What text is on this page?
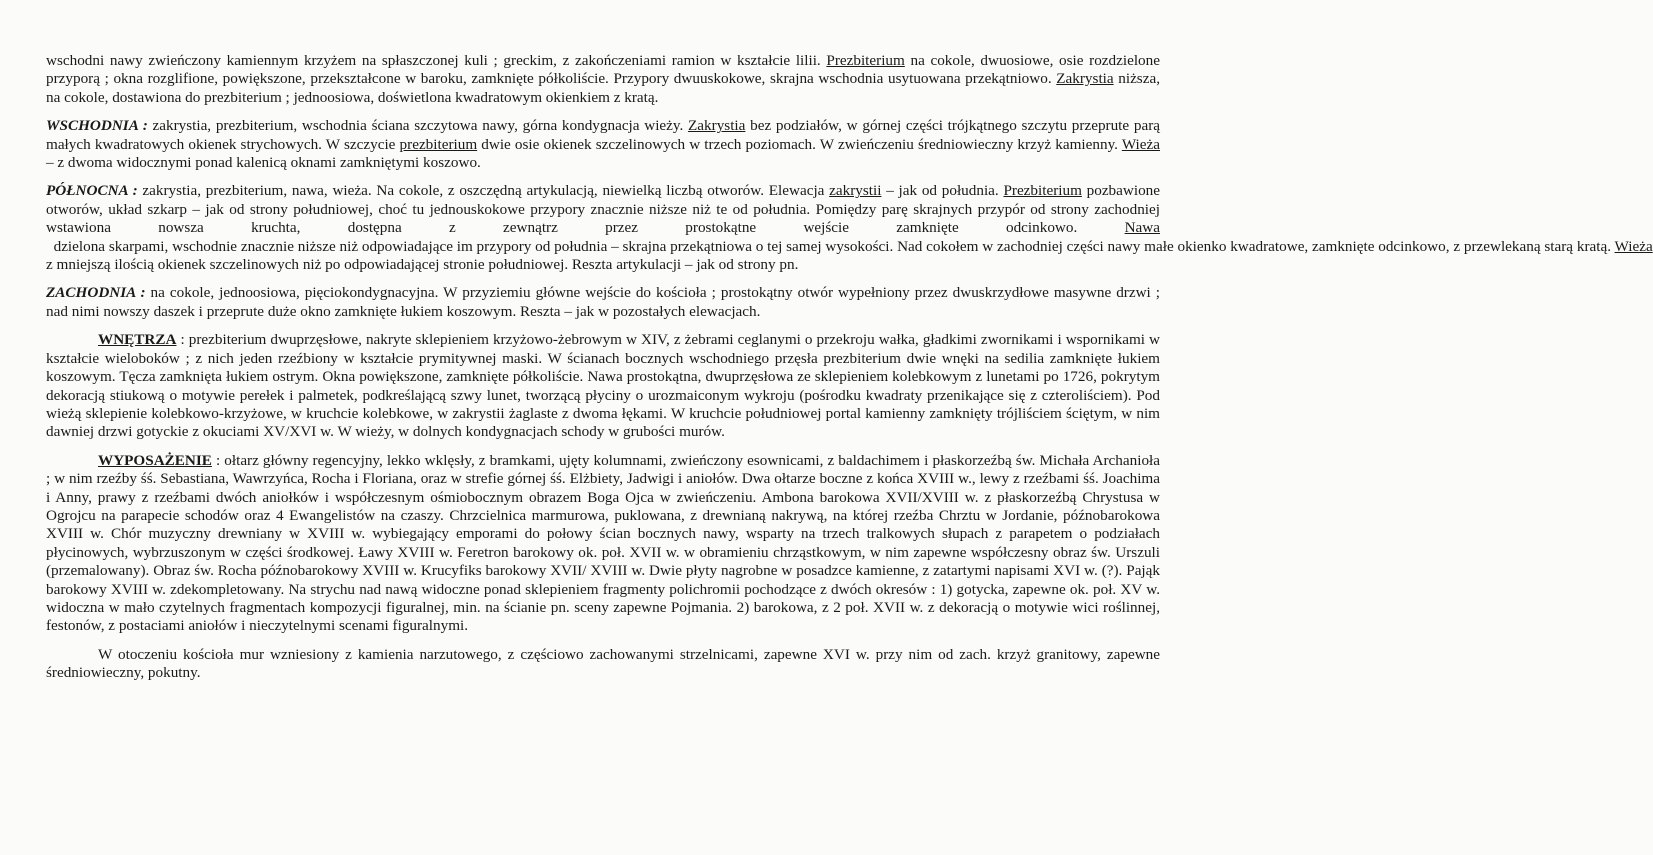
wschodni nawy zwieńczony kamiennym krzyżem na spłaszczonej kuli ; greckim, z zakończeniami ramion w kształcie lilii. Prezbiterium na cokole, dwuosiowe, osie rozdzielone przyporą ; okna rozglifione, powiększone, przekształcone w baroku, zamknięte półkoliście. Przypory dwuuskokowe, skrajna wschodnia usytuowana przekątniowo. Zakrystia niższa, na cokole, dostawiona do prezbiterium ; jednoosiowa, doświetlona kwadratowym okienkiem z kratą.

WSCHODNIA : zakrystia, prezbiterium, wschodnia ściana szczytowa nawy, górna kondygnacja wieży. Zakrystia bez podziałów, w górnej części trójkątnego szczytu przeprute parą małych kwadratowych okienek strychowych. W szczycie prezbiterium dwie osie okienek szczelinowych w trzech poziomach. W zwieńczeniu średniowieczny krzyż kamienny. Wieża – z dwoma widocznymi ponad kalenicą oknami zamkniętymi koszowo.

PÓŁNOCNA : zakrystia, prezbiterium, nawa, wieża. Na cokole, z oszczędną artykulacją, niewielką liczbą otworów. Elewacja zakrystii – jak od południa. Prezbiterium pozbawione otworów, układ szkarp – jak od strony południowej, choć tu jednouskokowe przypory znacznie niższe niż te od południa. Pomiędzy parę skrajnych przypór od strony zachodniej wstawiona nowsza kruchta, dostępna z zewnątrz przez prostokątne wejście zamknięte odcinkowo. Nawa  dzielona skarpami, wschodnie znacznie niższe niż odpowiadające im przypory od południa – skrajna przekątniowa o tej samej wysokości. Nad cokołem w zachodniej części nawy małe okienko kwadratowe, zamknięte odcinkowo, z przewlekaną starą kratą. Wieża z mniejszą ilością okienek szczelinowych niż po odpowiadającej stronie południowej. Reszta artykulacji – jak od strony pn.

ZACHODNIA : na cokole, jednoosiowa, pięciokondygnacyjna. W przyziemiu główne wejście do kościoła ; prostokątny otwór wypełniony przez dwuskrzydłowe masywne drzwi ; nad nimi nowszy daszek i przeprute duże okno zamknięte łukiem koszowym. Reszta – jak w pozostałych elewacjach.

WNĘTRZA : prezbiterium dwuprzęsłowe, nakryte sklepieniem krzyżowo-żebrowym w XIV, z żebrami ceglanymi o przekroju wałka, gładkimi zwornikami i wspornikami w kształcie wieloboków ; z nich jeden rzeźbiony w kształcie prymitywnej maski. W ścianach bocznych wschodniego przęsła prezbiterium dwie wnęki na sedilia zamknięte łukiem koszowym. Tęcza zamknięta łukiem ostrym. Okna powiększone, zamknięte półkoliście. Nawa prostokątna, dwuprzęsłowa ze sklepieniem kolebkowym z lunetami po 1726, pokrytym dekoracją stiukową o motywie perełek i palmetek, podkreślającą szwy lunet, tworzącą płyciny o urozmaiconym wykroju (pośrodku kwadraty przenikające się z czteroliściem). Pod wieżą sklepienie kolebkowo-krzyżowe, w kruchcie kolebkowe, w zakrystii żaglaste z dwoma łękami. W kruchcie południowej portal kamienny zamknięty trójliściem ściętym, w nim dawniej drzwi gotyckie z okuciami XV/XVI w. W wieży, w dolnych kondygnacjach schody w grubości murów.

WYPOSAŻENIE : ołtarz główny regencyjny, lekko wklęsły, z bramkami, ujęty kolumnami, zwieńczony esownicami, z baldachimem i płaskorzeźbą św. Michała Archanioła ; w nim rzeźby śś. Sebastiana, Wawrzyńca, Rocha i Floriana, oraz w strefie górnej śś. Elżbiety, Jadwigi i aniołów. Dwa ołtarze boczne z końca XVIII w., lewy z rzeźbami śś. Joachima i Anny, prawy z rzeźbami dwóch aniołków i współczesnym ośmiobocznym obrazem Boga Ojca w zwieńczeniu. Ambona barokowa XVII/XVIII w. z płaskorzeźbą Chrystusa w Ogrojcu na parapecie schodów oraz 4 Ewangelistów na czaszy. Chrzcielnica marmurowa, puklowana, z drewnianą nakrywą, na której rzeźba Chrztu w Jordanie, późnobarokowa XVIII w. Chór muzyczny drewniany w XVIII w. wybiegający emporami do połowy ścian bocznych nawy, wsparty na trzech tralkowych słupach z parapetem o podziałach płycinowych, wybrzuszonym w części środkowej. Ławy XVIII w. Feretron barokowy ok. poł. XVII w. w obramieniu chrząstkowym, w nim zapewne współczesny obraz św. Urszuli (przemalowany). Obraz św. Rocha późnobarokowy XVIII w. Krucyfiks barokowy XVII/ XVIII w. Dwie płyty nagrobne w posadzce kamienne, z zatartymi napisami XVI w. (?). Pająk barokowy XVIII w. zdekompletowany. Na strychu nad nawą widoczne ponad sklepieniem fragmenty polichromii pochodzące z dwóch okresów : 1) gotycka, zapewne ok. poł. XV w. widoczna w mało czytelnych fragmentach kompozycji figuralnej, min. na ścianie pn. sceny zapewne Pojmania. 2) barokowa, z 2 poł. XVII w. z dekoracją o motywie wici roślinnej, festonów, z postaciami aniołów i nieczytelnymi scenami figuralnymi.

W otoczeniu kościoła mur wzniesiony z kamienia narzutowego, z częściowo zachowanymi strzelnicami, zapewne XVI w. przy nim od zach. krzyż granitowy, zapewne średniowieczny, pokutny.
